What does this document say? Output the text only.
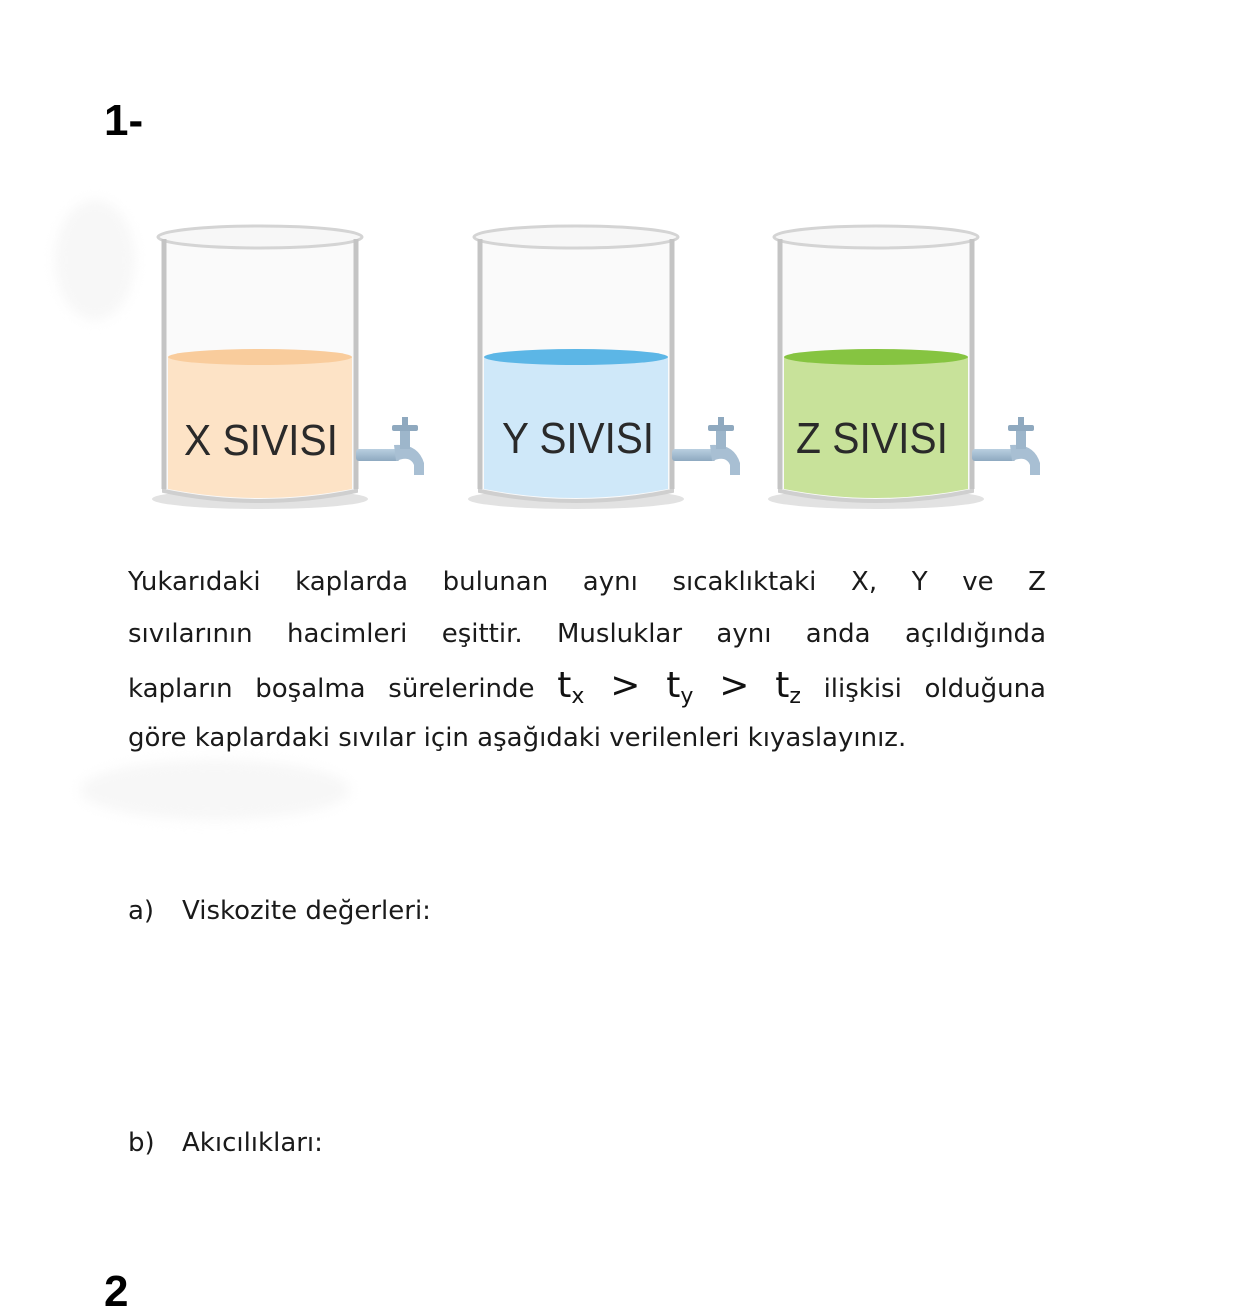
1-
X SIVISI	Y SIVISI	Z SIVISI
Yukarıdaki kaplarda bulunan aynı sıcaklıktaki X, Y ve Z
sıvılarının hacimleri eşittir. Musluklar aynı anda açıldığında
kapların boşalma sürelerinde $t_x > t_y > t_z$ ilişkisi olduğuna
göre kaplardaki sıvılar için aşağıdaki verilenleri kıyaslayınız.
a) Viskozite değerleri:
b) Akıcılıkları:
2
